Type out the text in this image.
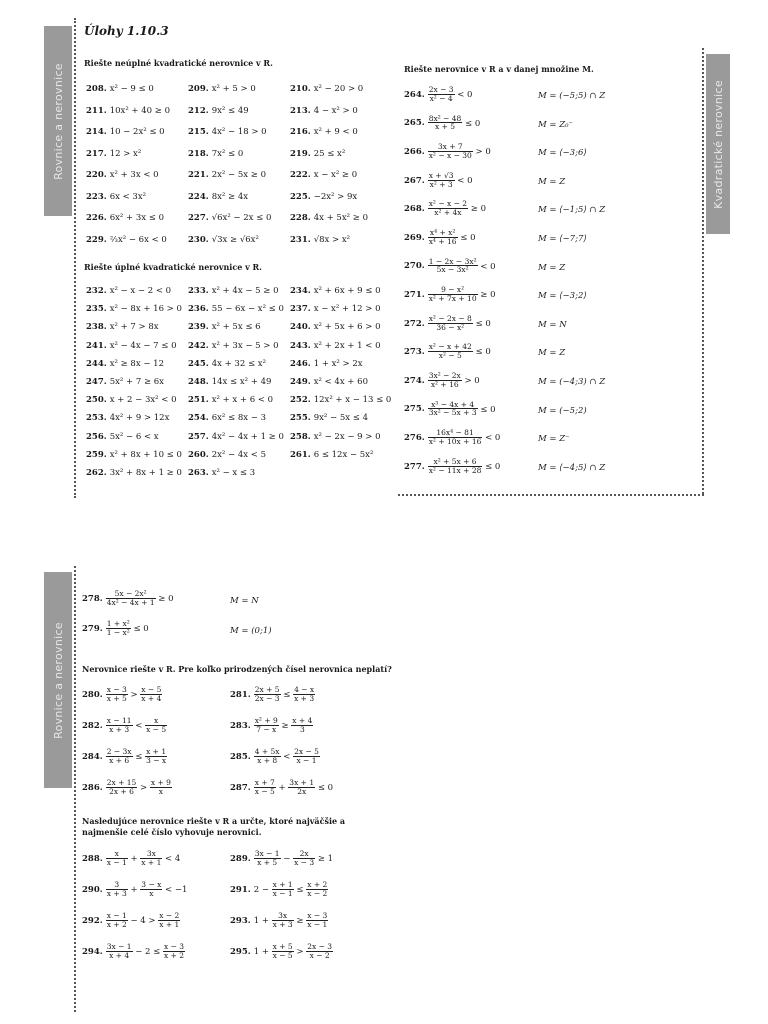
Rovnice a nerovnice
Úlohy 1.10.3
Riešte neúplné kvadratické nerovnice v R.
208. x² − 9 ≤ 0	209. x² + 5 > 0	210. x² − 20 > 0
211. 10x² + 40 ≥ 0 212. 9x² ≤ 49	213. 4 − x² > 0
214. 10 − 2x² ≤ 0	215. 4x² − 18 > 0	216. x² + 9 < 0
217. 12 > x²	218. 7x² ≤ 0	219. 25 ≤ x²
220. x² + 3x < 0	221. 2x² − 5x ≥ 0	222. x − x² ≥ 0
223. 6x < 3x²	224. 8x² ≥ 4x	225. −2x² > 9x
226. 6x² + 3x ≤ 0	227. √6x² − 2x ≤ 0 228. 4x + 5x² ≥ 0
229. ⅔x² − 6x < 0 230. √3x ≥ √6x²	231. √8x > x²
Riešte úplné kvadratické nerovnice v R.
232. x² − x − 2 < 0 233. x² + 4x − 5 ≥ 0 234. x² + 6x + 9 ≤ 0
235. x² − 8x + 16 > 0 236. 55 − 6x − x² ≤ 0 237. x − x² + 12 > 0
238. x² + 7 > 8x	239. x² + 5x ≤ 6	240. x² + 5x + 6 > 0
241. x² − 4x − 7 ≤ 0 242. x² + 3x − 5 > 0 243. x² + 2x + 1 < 0
244. x² ≥ 8x − 12	245. 4x + 32 ≤ x²	246. 1 + x² > 2x
247. 5x² + 7 ≥ 6x	248. 14x ≤ x² + 49 249. x² < 4x + 60
250. x + 2 − 3x² < 0 251. x² + x + 6 < 0 252. 12x² + x − 13 ≤ 0
253. 4x² + 9 > 12x 254. 6x² ≤ 8x − 3	255. 9x² − 5x ≤ 4
256. 5x² − 6 < x	257. 4x² − 4x + 1 ≥ 0 258. x² − 2x − 9 > 0
259. x² + 8x + 10 ≤ 0 260. 2x² − 4x < 5	261. 6 ≤ 12x − 5x²
262. 3x² + 8x + 1 ≥ 0 263. x² − x ≤ 3
Kvadratické nerovnice
Riešte nerovnice v R a v danej množine M.
264. $\frac{2x - 3}{\text{x² − 4}} < 0$	M = (−5;5) ∩ Z
265. $\frac{\text{8x² − 48}}{x + 5} \le 0$	M = Z₀⁻
266. $\frac{3x + 7}{\text{x² − x − 30}} > 0$	M = ⟨−3;6⟩
267. $\frac{x + √3}{\text{x² + 3}} < 0$	M = Z
268. $\frac{\text{x² − x − 2}}{\text{x² + 4x}} \ge 0$	M = ⟨−1;5⟩ ∩ Z
269. $\frac{\text{x⁴ + x²}}{\text{x⁴ + 16}} \le 0$	M = ⟨−7;7⟩
270. $\frac{\text{1 − 2x − 3x²}}{\text{5x − 3x²}} < 0$	M = Z
271. $\frac{\text{9 − x²}}{\text{x² + 7x + 10}} \ge 0$	M = ⟨−3;2⟩
272. $\frac{\text{x² − 2x − 8}}{\text{36 − x²}} \le 0$	M = N
273. $\frac{\text{x² − x + 42}}{\text{x² − 5}} \le 0$	M = Z
274. $\frac{\text{3x² − 2x}}{\text{x² + 16}} > 0$	M = (−4;3) ∩ Z
275. $\frac{\text{x³ − 4x + 4}}{\text{3x² − 5x + 3}} \le 0$	M = (−5;2)
276. $\frac{\text{16x⁴ − 81}}{\text{x² + 10x + 16}} < 0$	M = Z⁻
277. $\frac{\text{x² + 5x + 6}}{\text{x² − 11x + 28}} \le 0$	M = ⟨−4;5⟩ ∩ Z
Rovnice a nerovnice
278. $\frac{\text{5x − 2x²}}{\text{4x² − 4x + 1}} \ge 0$	M = N
279. $\frac{\text{1 + x²}}{\text{1 − x²}} \le 0$	M = (0;1)
Nerovnice riešte v R. Pre koľko prirodzených čísel nerovnica neplatí?
280. $\frac{x - 3}{x + 5} > \frac{x - 5}{x + 4}$	281. $\frac{2x + 5}{2x - 3} \le \frac{4 - x}{x + 3}$
282. $\frac{x - 11}{x + 3} < \frac{x}{x - 5}$	283. $\frac{\text{x² + 9}}{7 - x} \ge \frac{x + 4}{3}$
284. $\frac{2 - 3x}{x + 6} \le \frac{x + 1}{3 - x}$	285. $\frac{4 + 5x}{x + 8} < \frac{2x - 5}{x - 1}$
286. $\frac{2x + 15}{2x + 6} > \frac{x + 9}{x}$	287. $\frac{x + 7}{x - 5} + \frac{3x + 1}{2x} \le 0$
Nasledujúce nerovnice riešte v R a určte, ktoré najväčšie a najmenšie celé číslo vyhovuje nerovnici.
288. $\frac{x}{x - 1} + \frac{3x}{x + 1} < 4$	289. $\frac{3x - 1}{x + 5} - \frac{2x}{x - 3} \ge 1$
290. $\frac{3}{x + 3} + \frac{3 - x}{x} < -1$	291. $2 - \frac{x + 1}{x - 1} \le \frac{x + 2}{x - 2}$
292. $\frac{x - 1}{x + 2} - 4 > \frac{x - 2}{x + 1}$	293. $1 + \frac{3x}{x + 3} \ge \frac{x - 3}{x - 1}$
294. $\frac{3x - 1}{x + 4} - 2 \le \frac{x - 3}{x + 2}$	295. $1 + \frac{x + 5}{x - 5} > \frac{2x - 3}{x - 2}$
